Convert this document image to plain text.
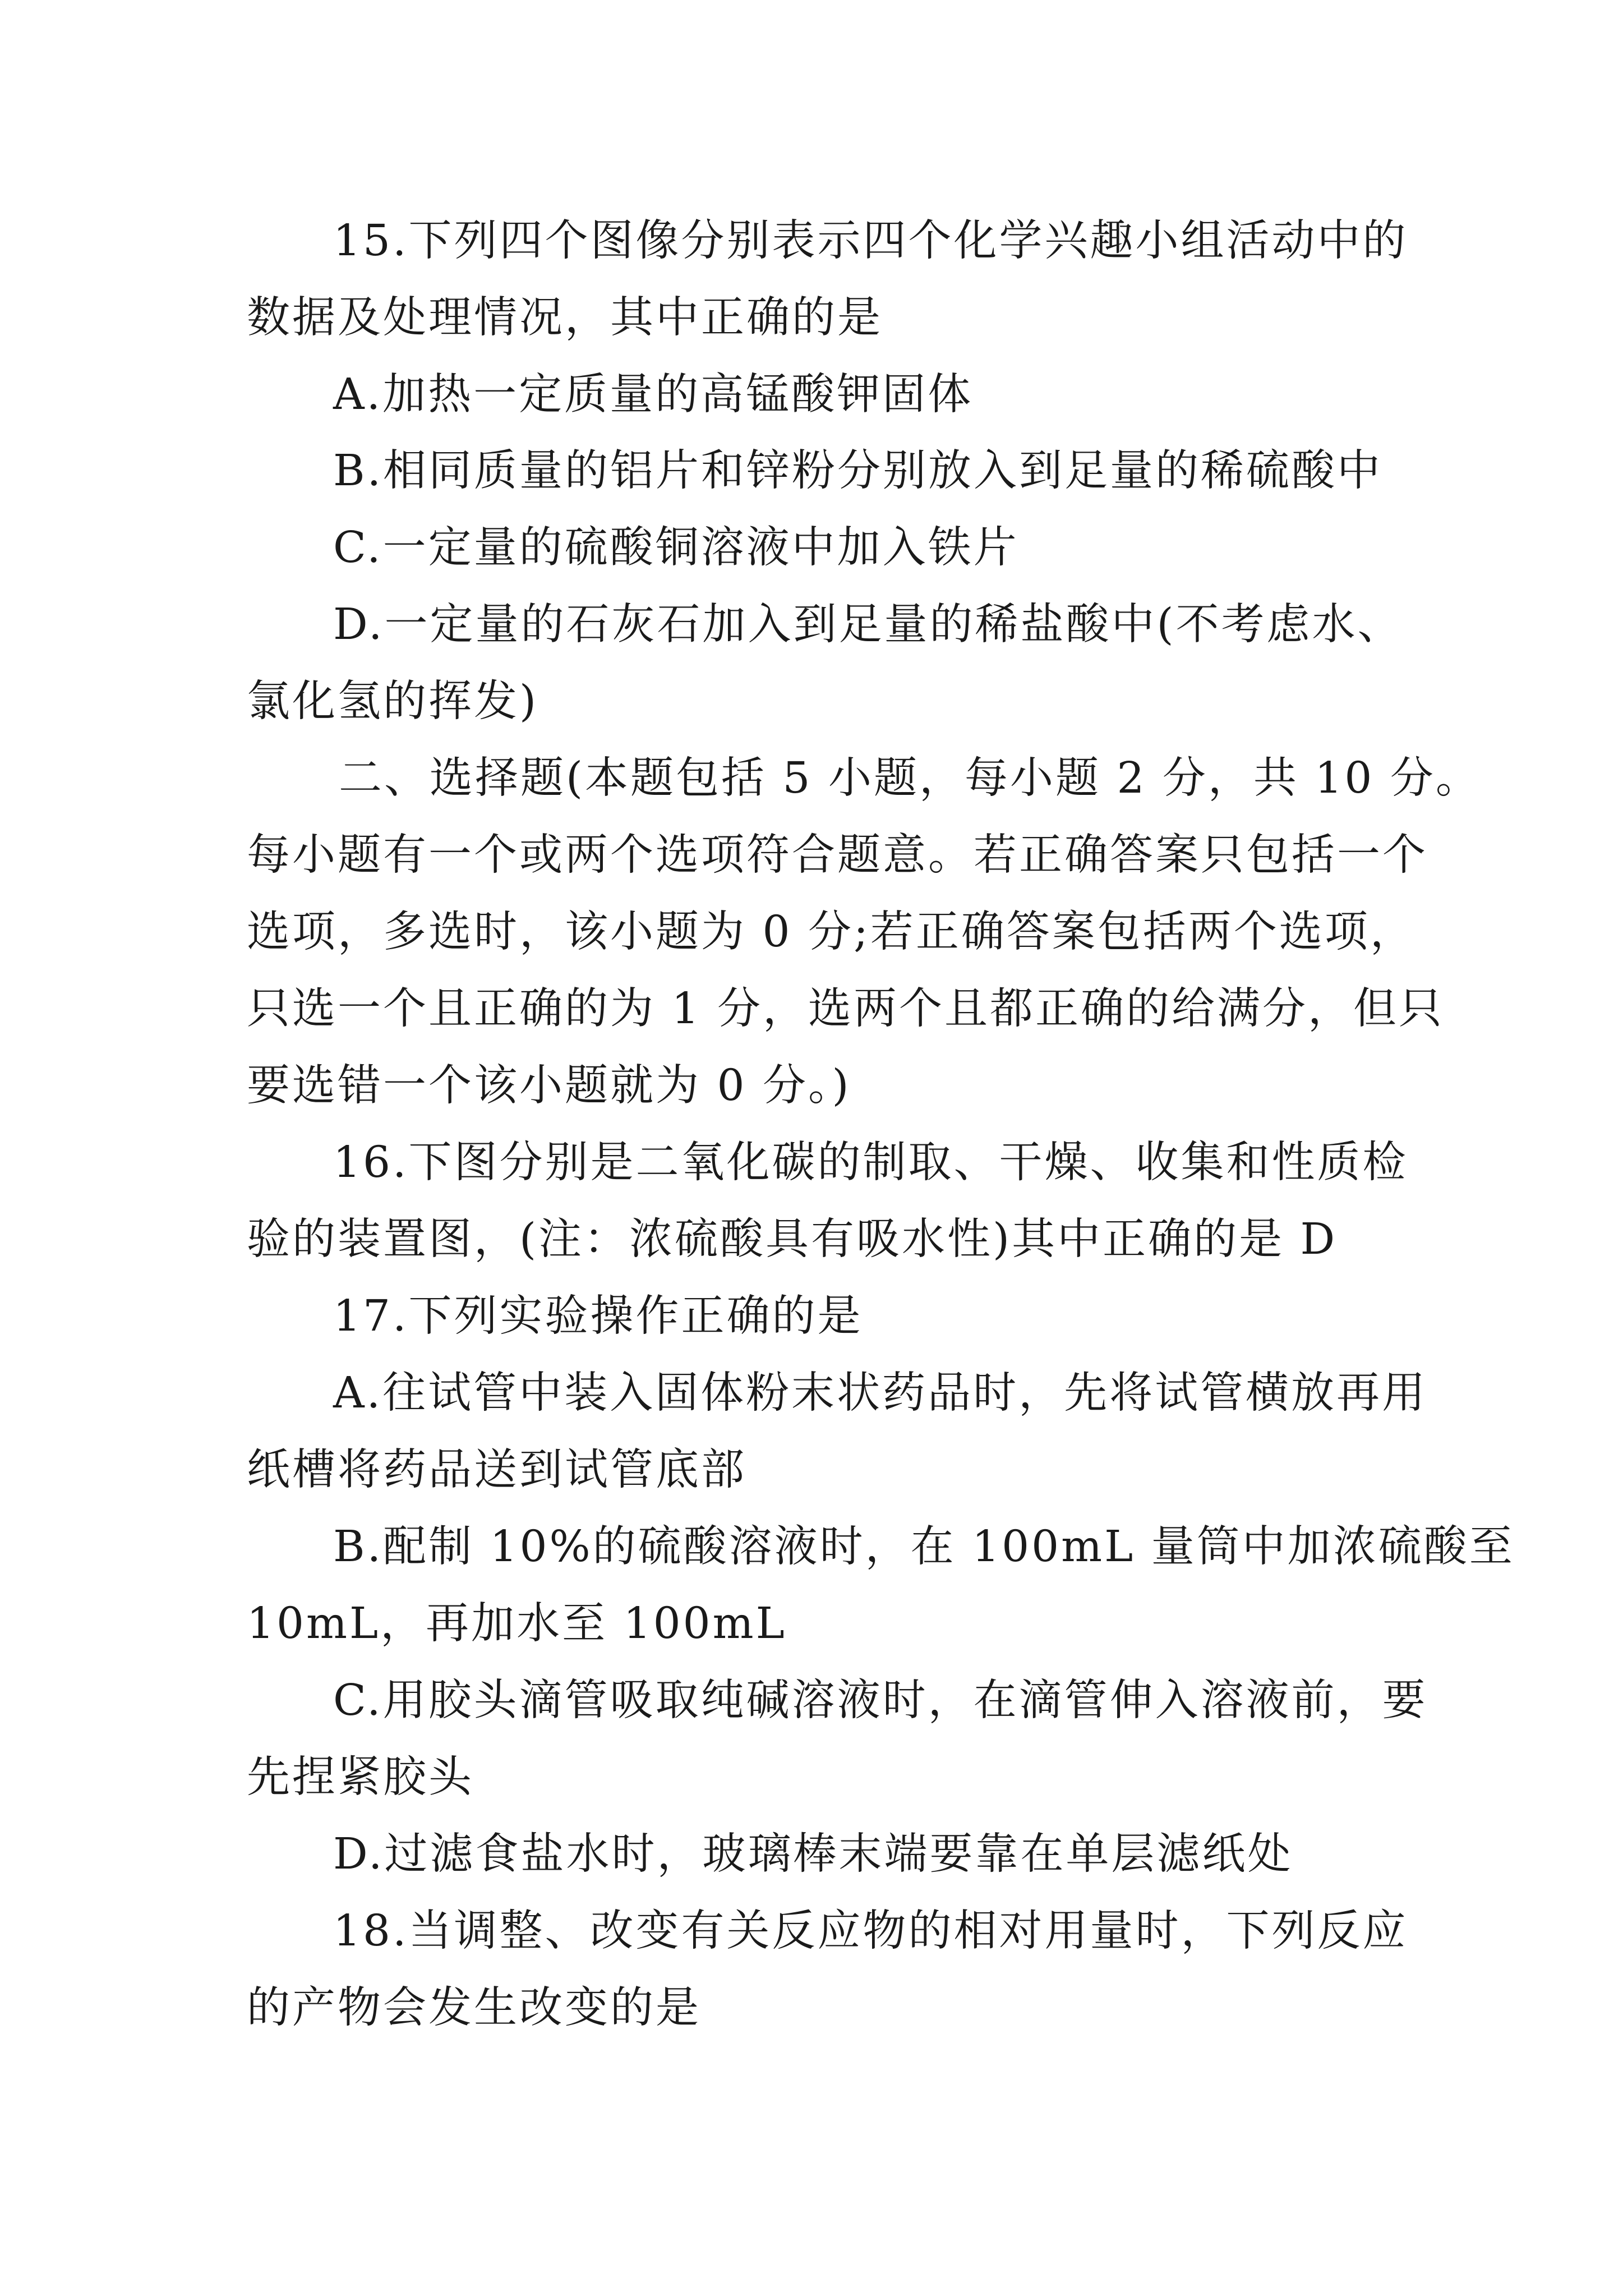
15.下列四个图像分别表示四个化学兴趣小组活动中的
数据及处理情况，其中正确的是
A.加热一定质量的高锰酸钾固体
B.相同质量的铝片和锌粉分别放入到足量的稀硫酸中
C.一定量的硫酸铜溶液中加入铁片
D.一定量的石灰石加入到足量的稀盐酸中(不考虑水、
氯化氢的挥发)
二、选择题(本题包括 5 小题，每小题 2 分，共 10 分。
每小题有一个或两个选项符合题意。若正确答案只包括一个
选项，多选时，该小题为 0 分;若正确答案包括两个选项，
只选一个且正确的为 1 分，选两个且都正确的给满分，但只
要选错一个该小题就为 0 分。)
16.下图分别是二氧化碳的制取、干燥、收集和性质检
验的装置图，(注：浓硫酸具有吸水性)其中正确的是 D
17.下列实验操作正确的是
A.往试管中装入固体粉末状药品时，先将试管横放再用
纸槽将药品送到试管底部
B.配制 10%的硫酸溶液时，在 100mL 量筒中加浓硫酸至
10mL，再加水至 100mL
C.用胶头滴管吸取纯碱溶液时，在滴管伸入溶液前，要
先捏紧胶头
D.过滤食盐水时，玻璃棒末端要靠在单层滤纸处
18.当调整、改变有关反应物的相对用量时，下列反应
的产物会发生改变的是
